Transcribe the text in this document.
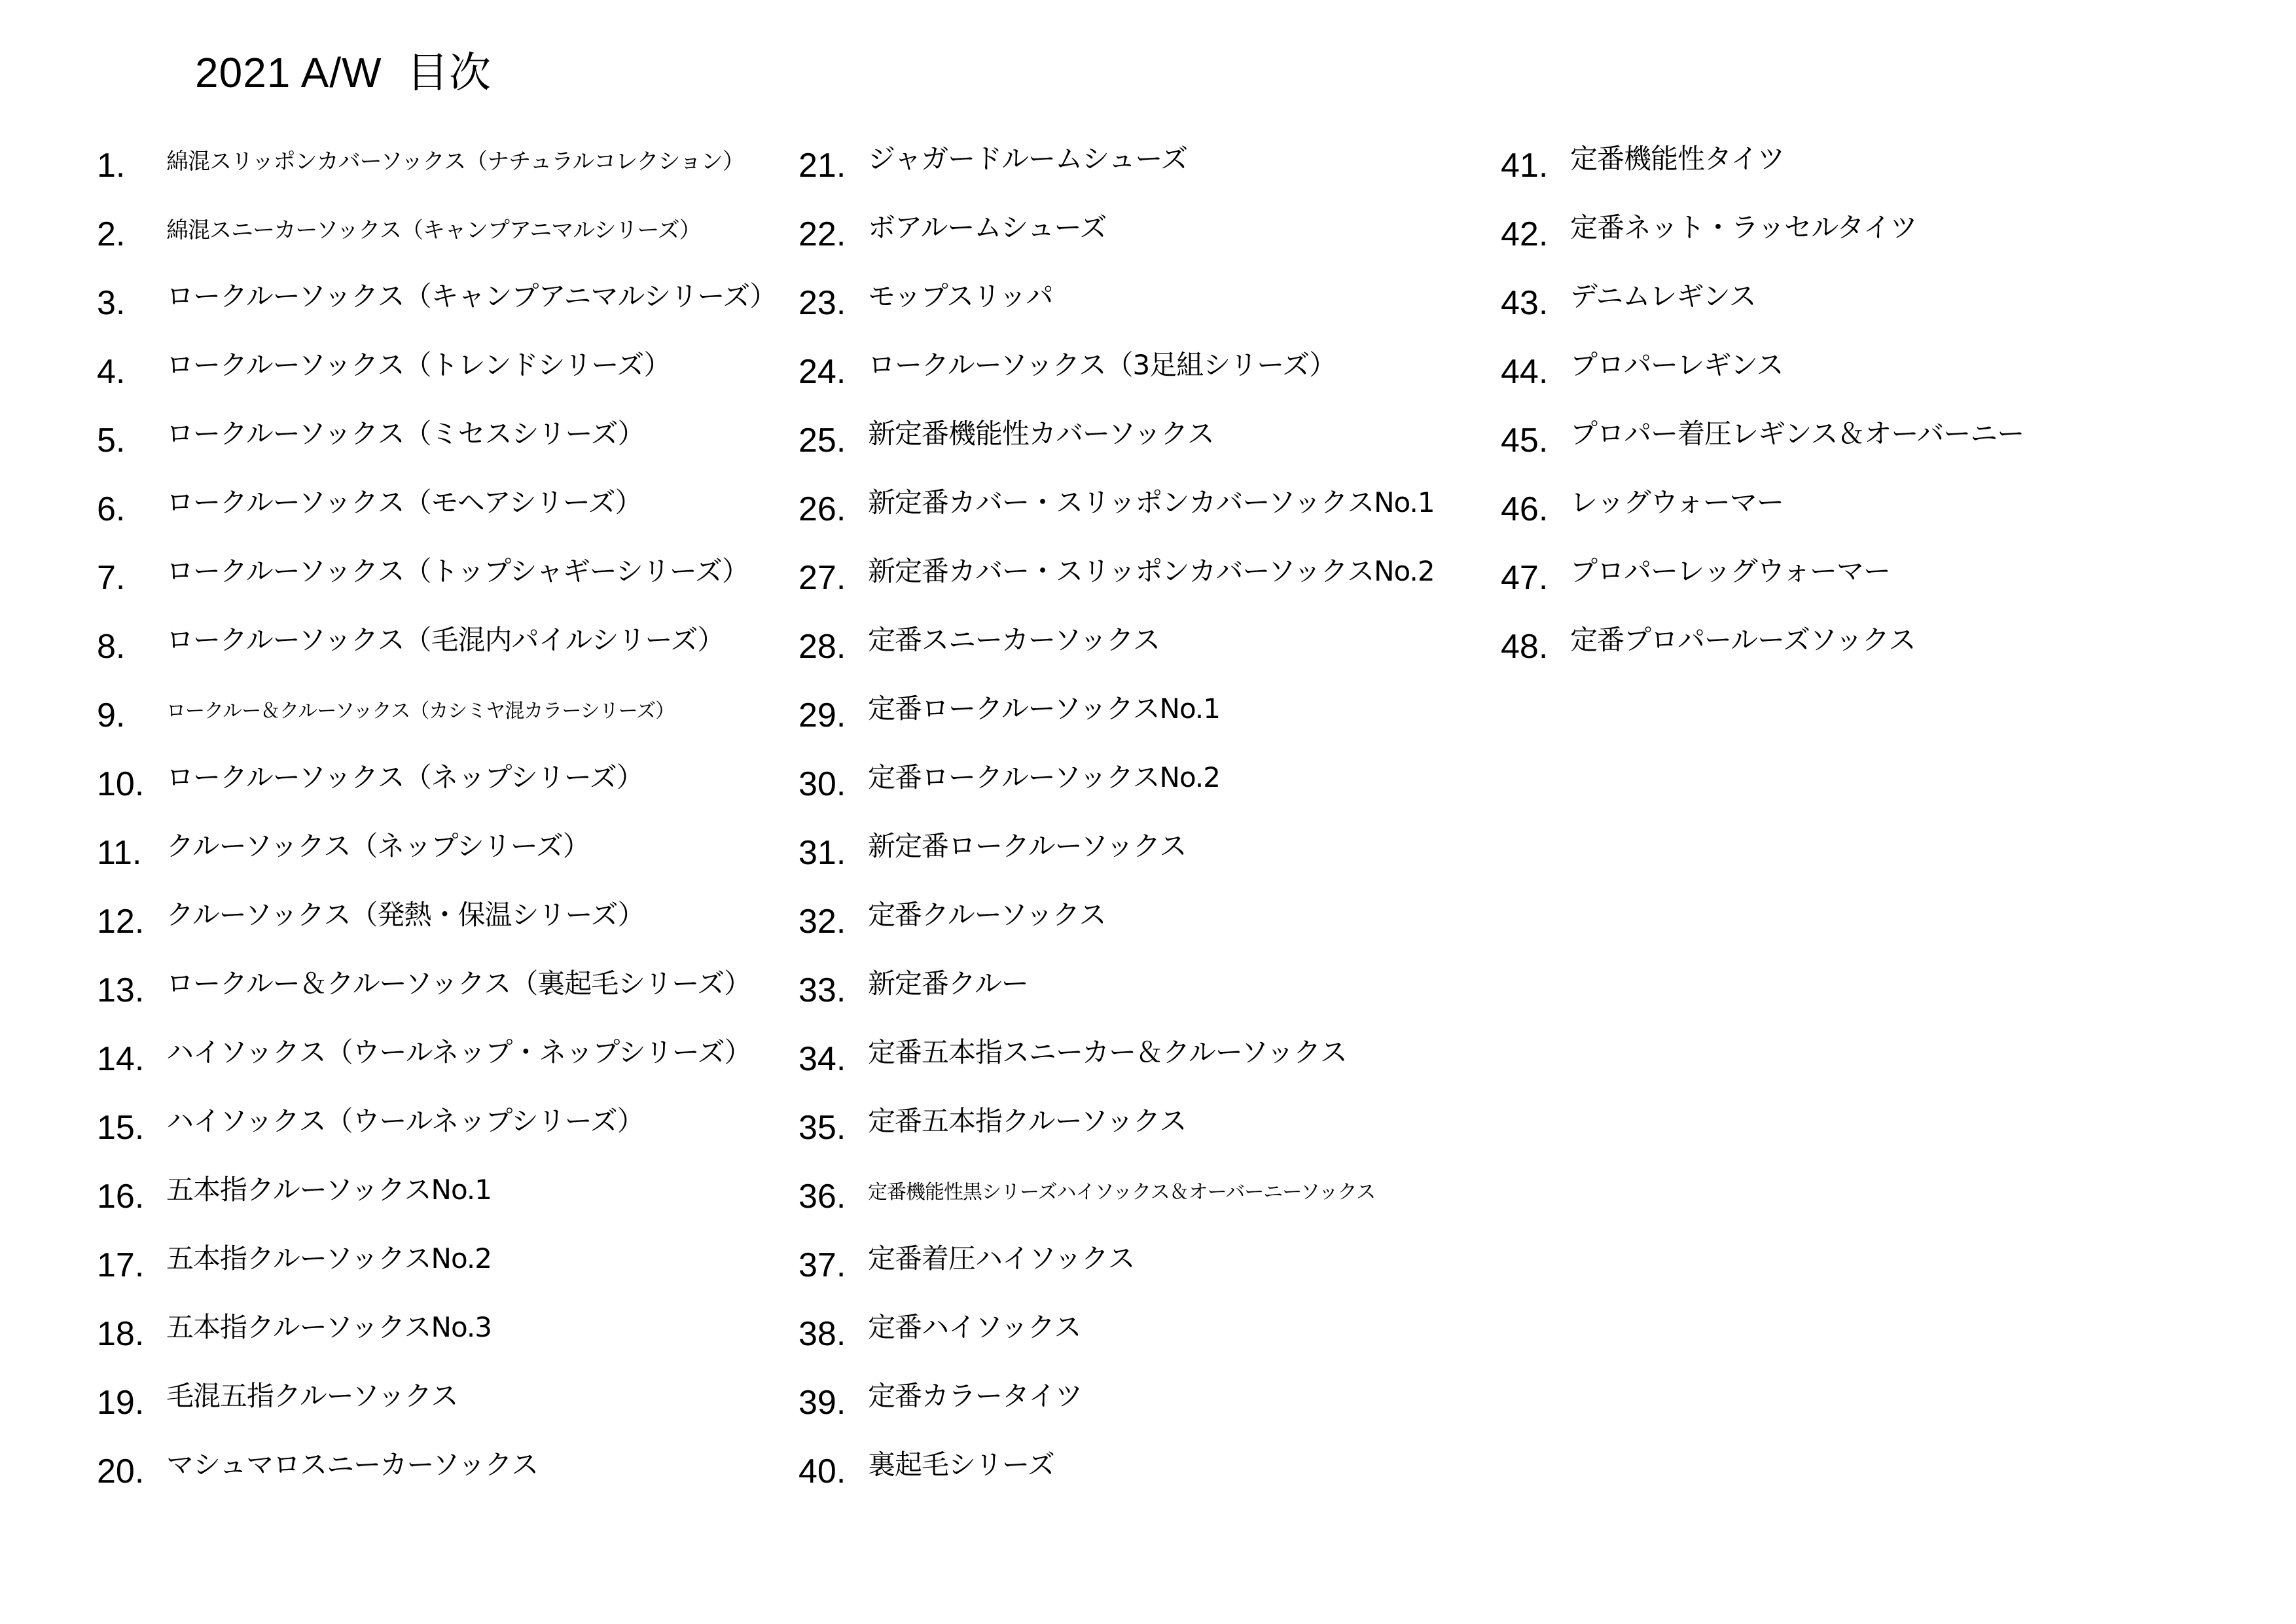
2021 A/W  目次
1. 綿混スリッポンカバーソックス（ナチュラルコレクション）
2. 綿混スニーカーソックス（キャンプアニマルシリーズ）
3. ロークルーソックス（キャンプアニマルシリーズ）
4. ロークルーソックス（トレンドシリーズ）
5. ロークルーソックス（ミセスシリーズ）
6. ロークルーソックス（モヘアシリーズ）
7. ロークルーソックス（トップシャギーシリーズ）
8. ロークルーソックス（毛混内パイルシリーズ）
9. ロークルー＆クルーソックス（カシミヤ混カラーシリーズ）
10. ロークルーソックス（ネップシリーズ）
11. クルーソックス（ネップシリーズ）
12. クルーソックス（発熱・保温シリーズ）
13. ロークルー＆クルーソックス（裏起毛シリーズ）
14. ハイソックス（ウールネップ・ネップシリーズ）
15. ハイソックス（ウールネップシリーズ）
16. 五本指クルーソックスNo.1
17. 五本指クルーソックスNo.2
18. 五本指クルーソックスNo.3
19. 毛混五指クルーソックス
20. マシュマロスニーカーソックス
21. ジャガードルームシューズ
22. ボアルームシューズ
23. モップスリッパ
24. ロークルーソックス（3足組シリーズ）
25. 新定番機能性カバーソックス
26. 新定番カバー・スリッポンカバーソックスNo.1
27. 新定番カバー・スリッポンカバーソックスNo.2
28. 定番スニーカーソックス
29. 定番ロークルーソックスNo.1
30. 定番ロークルーソックスNo.2
31. 新定番ロークルーソックス
32. 定番クルーソックス
33. 新定番クルー
34. 定番五本指スニーカー＆クルーソックス
35. 定番五本指クルーソックス
36. 定番機能性黒シリーズハイソックス＆オーバーニーソックス
37. 定番着圧ハイソックス
38. 定番ハイソックス
39. 定番カラータイツ
40. 裏起毛シリーズ
41. 定番機能性タイツ
42. 定番ネット・ラッセルタイツ
43. デニムレギンス
44. プロパーレギンス
45. プロパー着圧レギンス＆オーバーニー
46. レッグウォーマー
47. プロパーレッグウォーマー
48. 定番プロパールーズソックス
